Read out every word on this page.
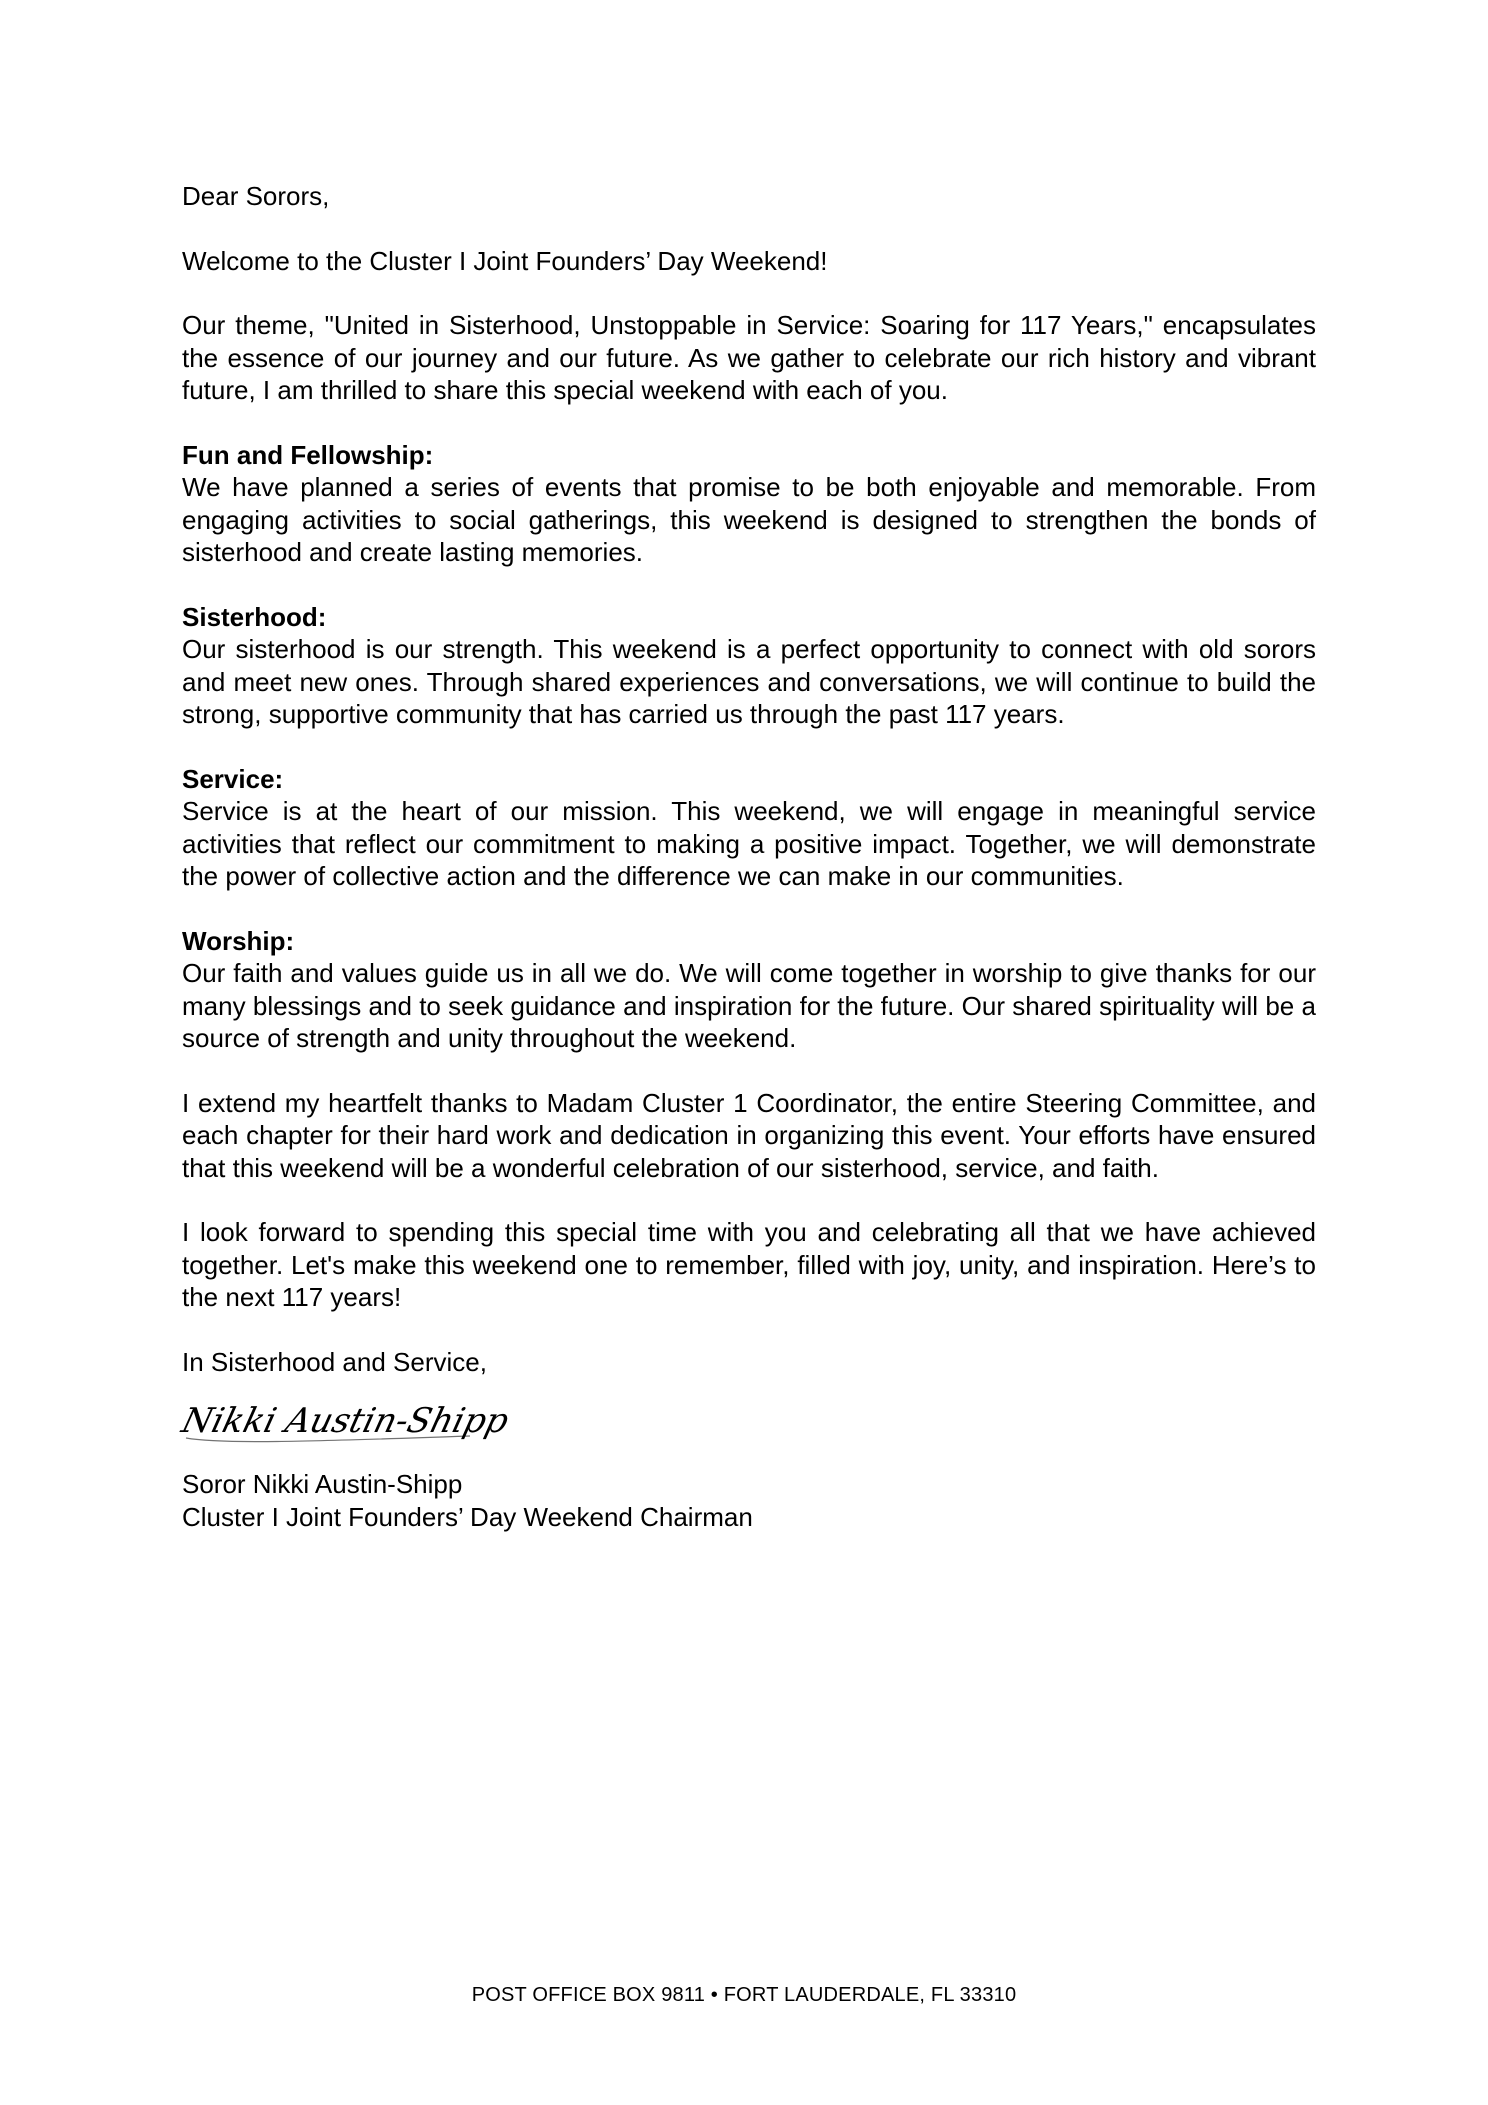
Dear Sorors,

Welcome to the Cluster I Joint Founders’ Day Weekend!

Our theme, "United in Sisterhood, Unstoppable in Service: Soaring for 117 Years," encapsulates the essence of our journey and our future. As we gather to celebrate our rich history and vibrant future, I am thrilled to share this special weekend with each of you.

Fun and Fellowship:
We have planned a series of events that promise to be both enjoyable and memorable. From engaging activities to social gatherings, this weekend is designed to strengthen the bonds of sisterhood and create lasting memories.

Sisterhood:
Our sisterhood is our strength. This weekend is a perfect opportunity to connect with old sorors and meet new ones. Through shared experiences and conversations, we will continue to build the strong, supportive community that has carried us through the past 117 years.

Service:
Service is at the heart of our mission. This weekend, we will engage in meaningful service activities that reflect our commitment to making a positive impact. Together, we will demonstrate the power of collective action and the difference we can make in our communities.

Worship:
Our faith and values guide us in all we do. We will come together in worship to give thanks for our many blessings and to seek guidance and inspiration for the future. Our shared spirituality will be a source of strength and unity throughout the weekend.

I extend my heartfelt thanks to Madam Cluster 1 Coordinator, the entire Steering Committee, and each chapter for their hard work and dedication in organizing this event. Your efforts have ensured that this weekend will be a wonderful celebration of our sisterhood, service, and faith.

I look forward to spending this special time with you and celebrating all that we have achieved together. Let's make this weekend one to remember, filled with joy, unity, and inspiration. Here’s to the next 117 years!

In Sisterhood and Service,

Nikki Austin-Shipp

Soror Nikki Austin-Shipp

Cluster I Joint Founders’ Day Weekend Chairman

POST OFFICE BOX 9811 • FORT LAUDERDALE, FL 33310
